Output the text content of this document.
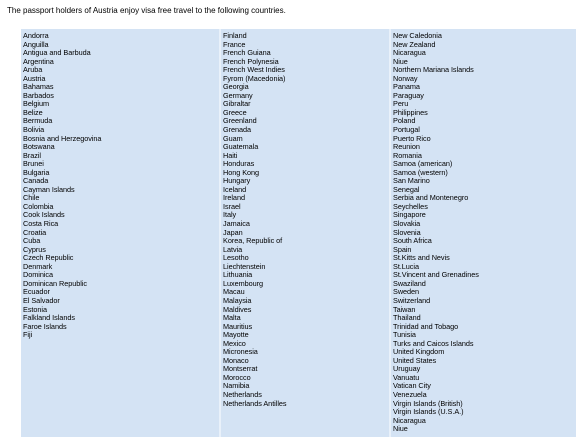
The passport holders of Austria enjoy visa free travel to the following countries.
Andorra
Anguilla
Antigua and Barbuda
Argentina
Aruba
Austria
Bahamas
Barbados
Belgium
Belize
Bermuda
Bolivia
Bosnia and Herzegovina
Botswana
Brazil
Brunei
Bulgaria
Canada
Cayman Islands
Chile
Colombia
Cook Islands
Costa Rica
Croatia
Cuba
Cyprus
Czech Republic
Denmark
Dominica
Dominican Republic
Ecuador
El Salvador
Estonia
Falkland Islands
Faroe Islands
Fiji
Finland
France
French Guiana
French Polynesia
French West Indies
Fyrom (Macedonia)
Georgia
Germany
Gibraltar
Greece
Greenland
Grenada
Guam
Guatemala
Haiti
Honduras
Hong Kong
Hungary
Iceland
Ireland
Israel
Italy
Jamaica
Japan
Korea, Republic of
Latvia
Lesotho
Liechtenstein
Lithuania
Luxembourg
Macau
Malaysia
Maldives
Malta
Mauritius
Mayotte
Mexico
Micronesia
Monaco
Montserrat
Morocco
Namibia
Netherlands
Netherlands Antilles
New Caledonia
New Zealand
Nicaragua
Niue
Northern Mariana Islands
Norway
Panama
Paraguay
Peru
Philippines
Poland
Portugal
Puerto Rico
Reunion
Romania
Samoa (american)
Samoa (western)
San Marino
Senegal
Serbia and Montenegro
Seychelles
Singapore
Slovakia
Slovenia
South Africa
Spain
St.Kitts and Nevis
St.Lucia
St.Vincent and Grenadines
Swaziland
Sweden
Switzerland
Taiwan
Thailand
Trinidad and Tobago
Tunisia
Turks and Caicos Islands
United Kingdom
United States
Uruguay
Vanuatu
Vatican City
Venezuela
Virgin Islands (British)
Virgin Islands (U.S.A.)
Nicaragua
Niue
